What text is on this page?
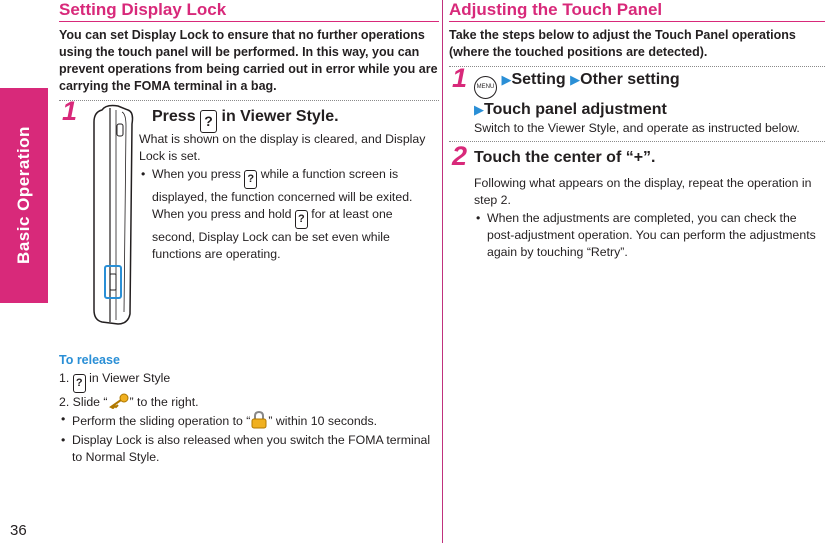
Basic Operation
36
Setting Display Lock
You can set Display Lock to ensure that no further operations using the touch panel will be performed. In this way, you can prevent operations from being carried out in error while you are carrying the FOMA terminal in a bag.
1	Press ? in Viewer Style.
What is shown on the display is cleared, and Display Lock is set.
• When you press ? while a function screen is displayed, the function concerned will be exited. When you press and hold ? for at least one second, Display Lock can be set even while functions are operating.
To release
1. ? in Viewer Style
2. Slide “ ” to the right.
• Perform the sliding operation to “ ” within 10 seconds.
• Display Lock is also released when you switch the FOMA terminal to Normal Style.
Adjusting the Touch Panel
Take the steps below to adjust the Touch Panel operations (where the touched positions are detected).
1	MENU ▶Setting ▶Other setting
▶Touch panel adjustment
Switch to the Viewer Style, and operate as instructed below.
2 Touch the center of “+”.
Following what appears on the display, repeat the operation in step 2.
• When the adjustments are completed, you can check the post-adjustment operation. You can perform the adjustments again by touching “Retry”.
